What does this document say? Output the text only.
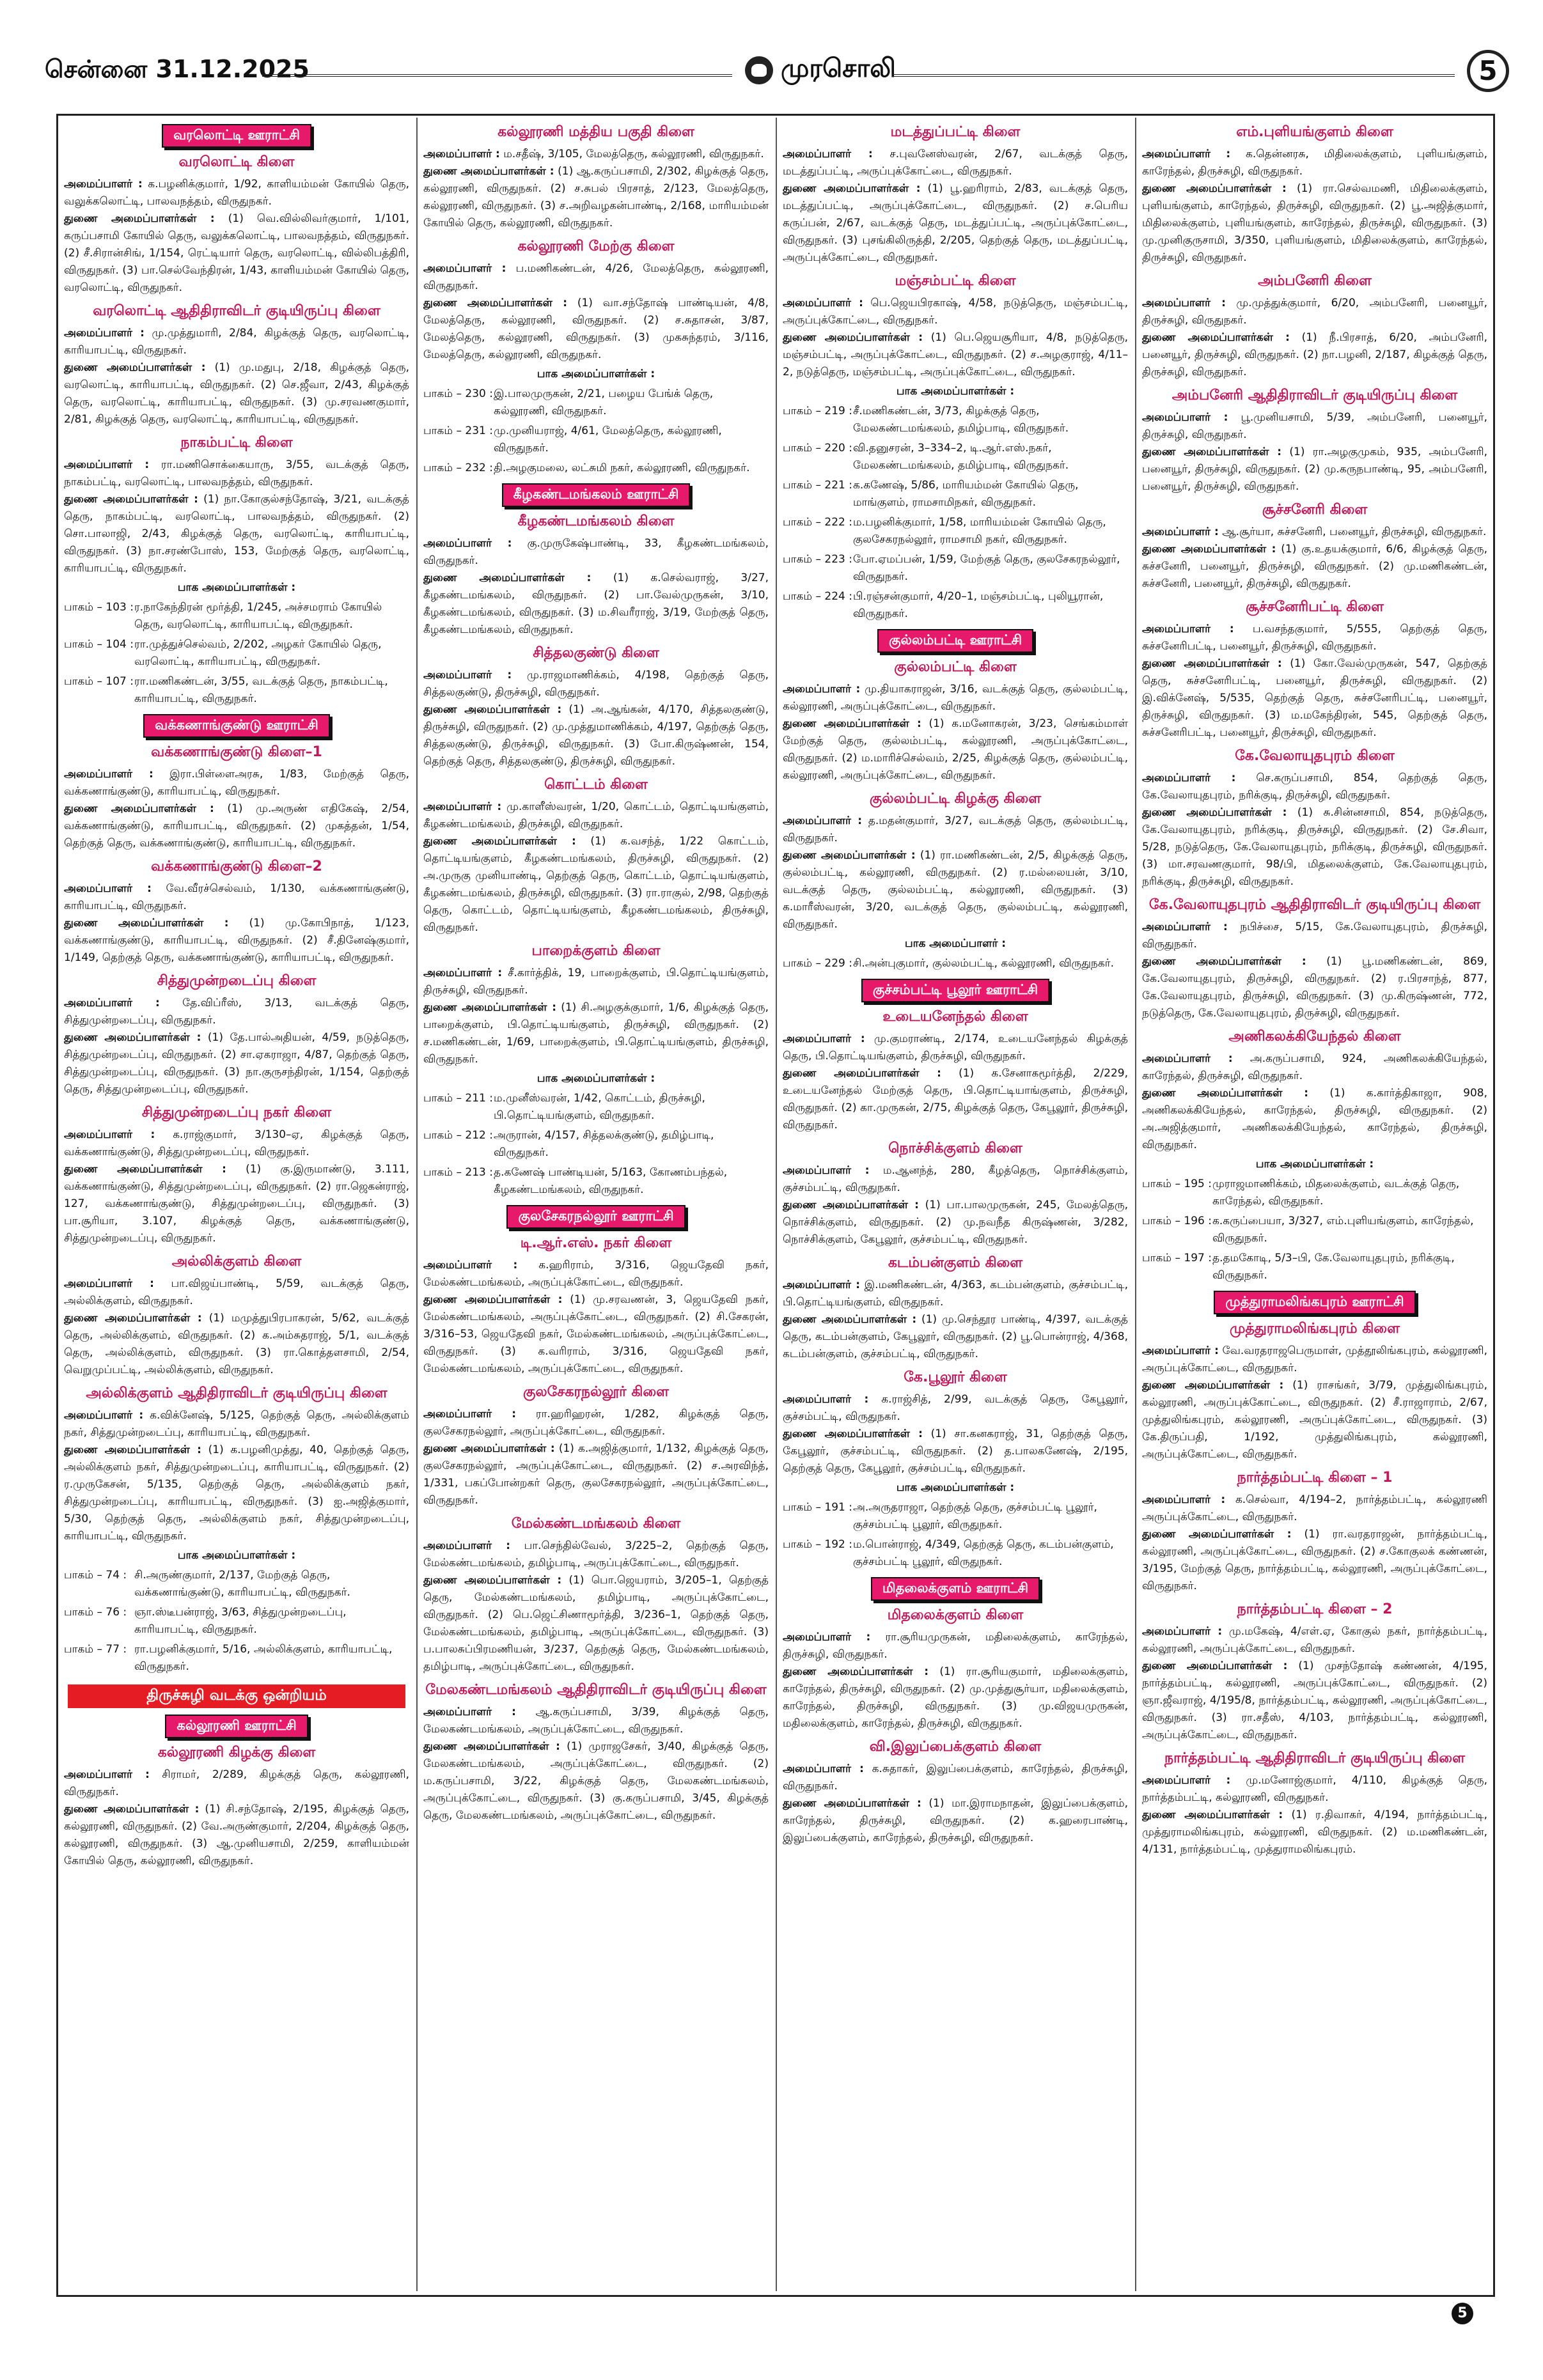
சென்னை 31.12.2025	முரசொலி	5
வரலொட்டி ஊராட்சி
வரலொட்டி கிளை

அமைப்பாளர் : க.பழனிக்குமார், 1/92, காளியம்மன் கோயில் தெரு, வலுக்கலொட்டி, பாலவநத்தம், விருதுநகர்.

துணை அமைப்பாளர்கள் : (1) வெ.வில்லிவர்குமார், 1/101, கருப்பசாமி கோயில் தெரு, வலுக்கலொட்டி, பாலவநத்தம், விருதுநகர். (2) சீ.சிரான்சிங், 1/154, ரெட்டியார் தெரு, வரலொட்டி, வில்லிபத்திரி, விருதுநகர். (3) பா.செல்வேந்திரன், 1/43, காளியம்மன் கோயில் தெரு, வரலொட்டி, விருதுநகர்.

வரலொட்டி ஆதிதிராவிடர் குடியிருப்பு கிளை

அமைப்பாளர் : மு.முத்துமாரி, 2/84, கிழக்குத் தெரு, வரலொட்டி, காரியாபட்டி, விருதுநகர்.

துணை அமைப்பாளர்கள் : (1) மு.மதுபு, 2/18, கிழக்குத் தெரு, வரலொட்டி, காரியாபட்டி, விருதுநகர். (2) செ.ஜீவா, 2/43, கிழக்குத் தெரு, வரலொட்டி, காரியாபட்டி, விருதுநகர். (3) மு.சரவணகுமார், 2/81, கிழக்குத் தெரு, வரலொட்டி, காரியாபட்டி, விருதுநகர்.

நாகம்பட்டி கிளை

அமைப்பாளர் : ரா.மணிசொக்கையாரு, 3/55, வடக்குத் தெரு, நாகம்பட்டி, வரலொட்டி, பாலவநத்தம், விருதுநகர்.

துணை அமைப்பாளர்கள் : (1) நா.கோகுல்சந்தோஷ், 3/21, வடக்குத் தெரு, நாகம்பட்டி, வரலொட்டி, பாலவநத்தம், விருதுநகர். (2) சொ.பாலாஜி, 2/43, கிழக்குத் தெரு, வரலொட்டி, காரியாபட்டி, விருதுநகர். (3) நா.சரண்போஸ், 153, மேற்குத் தெரு, வரலொட்டி, காரியாபட்டி, விருதுநகர்.

பாக அமைப்பாளர்கள் :
பாகம் – 103 : ர.நாகேந்திரன் மூர்த்தி, 1/245, அச்சமராம் கோயில் தெரு, வரலொட்டி, காரியாபட்டி, விருதுநகர்.
பாகம் – 104 : ரா.முத்துச்செல்வம், 2/202, அழகர் கோயில் தெரு, வரலொட்டி, காரியாபட்டி, விருதுநகர்.
பாகம் – 107 : ரா.மணிகண்டன், 3/55, வடக்குத் தெரு, நாகம்பட்டி, காரியாபட்டி, விருதுநகர்.
வக்கணாங்குண்டு ஊராட்சி
வக்கணாங்குண்டு கிளை–1

அமைப்பாளர் : இரா.பிள்ளைஅரசு, 1/83, மேற்குத் தெரு, வக்கணாங்குண்டு, காரியாபட்டி, விருதுநகர்.

துணை அமைப்பாளர்கள் : (1) மு.அருண் எதிகேஷ், 2/54, வக்கணாங்குண்டு, காரியாபட்டி, விருதுநகர். (2) முகத்தன், 1/54, தெற்குத் தெரு, வக்கணாங்குண்டு, காரியாபட்டி, விருதுநகர்.

வக்கணாங்குண்டு கிளை–2

அமைப்பாளர் : வே.வீரச்செல்வம், 1/130, வக்கணாங்குண்டு, காரியாபட்டி, விருதுநகர்.

துணை அமைப்பாளர்கள் : (1) மு.கோபிநாத், 1/123, வக்கணாங்குண்டு, காரியாபட்டி, விருதுநகர். (2) சீ.தினேஷ்குமார், 1/149, தெற்குத் தெரு, வக்கணாங்குண்டு, காரியாபட்டி, விருதுநகர்.

சித்துமுன்றடைப்பு கிளை

அமைப்பாளர் : தே.விப்ரீஸ், 3/13, வடக்குத் தெரு, சித்துமுன்றடைப்பு, விருதுநகர்.

துணை அமைப்பாளர்கள் : (1) தே.பால்அதியன், 4/59, நடுத்தெரு, சித்துமுன்றடைப்பு, விருதுநகர். (2) சா.ஏகராஜா, 4/87, தெற்குத் தெரு, சித்துமுன்றடைப்பு, விருதுநகர். (3) நா.குருசந்திரன், 1/154, தெற்குத் தெரு, சித்துமுன்றடைப்பு, விருதுநகர்.

சித்துமுன்றடைப்பு நகர் கிளை

அமைப்பாளர் : க.ராஜ்குமார், 3/130–ஏ, கிழக்குத் தெரு, வக்கணாங்குண்டு, சித்துமுன்றடைப்பு, விருதுநகர்.

துணை அமைப்பாளர்கள் : (1) கு.இருமாண்டு, 3.111, வக்கணாங்குண்டு, சித்துமுன்றடைப்பு, விருதுநகர். (2) ரா.ஜெகன்ராஜ், 127, வக்கணாங்குண்டு, சித்துமுன்றடைப்பு, விருதுநகர். (3) பா.சூரியா, 3.107, கிழக்குத் தெரு, வக்கணாங்குண்டு, சித்துமுன்றடைப்பு, விருதுநகர்.

அல்லிக்குளம் கிளை

அமைப்பாளர் : பா.விஜய்பாண்டி, 5/59, வடக்குத் தெரு, அல்லிக்குளம், விருதுநகர்.

துணை அமைப்பாளர்கள் : (1) மமுத்துபிரபாகரன், 5/62, வடக்குத் தெரு, அல்லிக்குளம், விருதுநகர். (2) க.அம்சுதராஜ், 5/1, வடக்குத் தெரு, அல்லிக்குளம், விருதுநகர். (3) ரா.கொத்தளசாமி, 2/54, வெறுமுப்பட்டி, அல்லிக்குளம், விருதுநகர்.

அல்லிக்குளம் ஆதிதிராவிடர் குடியிருப்பு கிளை

அமைப்பாளர் : க.விக்னேஷ், 5/125, தெற்குத் தெரு, அல்லிக்குளம் நகர், சித்துமுன்றடைப்பு, காரியாபட்டி, விருதுநகர்.

துணை அமைப்பாளர்கள் : (1) க.பழனிமுத்து, 40, தெற்குத் தெரு, அல்லிக்குளம் நகர், சித்துமுன்றடைப்பு, காரியாபட்டி, விருதுநகர். (2) ர.முருகேசன், 5/135, தெற்குத் தெரு, அல்லிக்குளம் நகர், சித்துமுன்றடைப்பு, காரியாபட்டி, விருதுநகர். (3) ஐ.அஜித்குமார், 5/30, தெற்குத் தெரு, அல்லிக்குளம் நகர், சித்துமுன்றடைப்பு, காரியாபட்டி, விருதுநகர்.

பாக அமைப்பாளர்கள் :
பாகம் – 74 : சி.அருண்குமார், 2/137, மேற்குத் தெரு, வக்கணாங்குண்டு, காரியாபட்டி, விருதுநகர்.
பாகம் – 76 : ஞா.ஸ்டீபன்ராஜ், 3/63, சித்துமுன்றடைப்பு, காரியாபட்டி, விருதுநகர்.
பாகம் – 77 : ரா.பழனிக்குமார், 5/16, அல்லிக்குளம், காரியாபட்டி, விருதுநகர்.
திருச்சுழி வடக்கு ஒன்றியம்
கல்லூரணி ஊராட்சி
கல்லூரணி கிழக்கு கிளை

அமைப்பாளர் : சிராமர், 2/289, கிழக்குத் தெரு, கல்லூரணி, விருதுநகர்.

துணை அமைப்பாளர்கள் : (1) சி.சந்தோஷ், 2/195, கிழக்குத் தெரு, கல்லூரணி, விருதுநகர். (2) வே.அருண்குமார், 2/204, கிழக்குத் தெரு, கல்லூரணி, விருதுநகர். (3) ஆ.முனியசாமி, 2/259, காளியம்மன் கோயில் தெரு, கல்லூரணி, விருதுநகர்.

கல்லூரணி மத்திய பகுதி கிளை

அமைப்பாளர் : ம.சதீஷ், 3/105, மேலத்தெரு, கல்லூரணி, விருதுநகர்.

துணை அமைப்பாளர்கள் : (1) ஆ.கருப்பசாமி, 2/302, கிழக்குத் தெரு, கல்லூரணி, விருதுநகர். (2) ச.சுபல் பிரசாத், 2/123, மேலத்தெரு, கல்லூரணி, விருதுநகர். (3) ச.அறிவழகன்பாண்டி, 2/168, மாரியம்மன் கோயில் தெரு, கல்லூரணி, விருதுநகர்.

கல்லூரணி மேற்கு கிளை

அமைப்பாளர் : ப.மணிகண்டன், 4/26, மேலத்தெரு, கல்லூரணி, விருதுநகர்.

துணை அமைப்பாளர்கள் : (1) வா.சந்தோஷ் பாண்டியன், 4/8, மேலத்தெரு, கல்லூரணி, விருதுநகர். (2) ச.சுதாசன், 3/87, மேலத்தெரு, கல்லூரணி, விருதுநகர். (3) முகசுந்தரம், 3/116, மேலத்தெரு, கல்லூரணி, விருதுநகர்.

பாக அமைப்பாளர்கள் :
பாகம் – 230 : இ.பாலமுருகன், 2/21, பழைய பேங்க் தெரு, கல்லூரணி, விருதுநகர்.
பாகம் – 231 : மு.முனியராஜ், 4/61, மேலத்தெரு, கல்லூரணி, விருதுநகர்.
பாகம் – 232 : தி.அழகுமலை, லட்சுமி நகர், கல்லூரணி, விருதுநகர்.
கீழகண்டமங்கலம் ஊராட்சி
கீழகண்டமங்கலம் கிளை

அமைப்பாளர் : கு.முருகேஷ்பாண்டி, 33, கீழகண்டமங்கலம், விருதுநகர்.

துணை அமைப்பாளர்கள் : (1) க.செல்வராஜ், 3/27, கீழகண்டமங்கலம், விருதுநகர். (2) பா.வேல்முருகன், 3/10, கீழகண்டமங்கலம், விருதுநகர். (3) ம.சிவரீராஜ், 3/19, மேற்குத் தெரு, கீழகண்டமங்கலம், விருதுநகர்.

சித்தலகுண்டு கிளை

அமைப்பாளர் : மு.ராஜமாணிக்கம், 4/198, தெற்குத் தெரு, சித்தலகுண்டு, திருச்சுழி, விருதுநகர்.

துணை அமைப்பாளர்கள் : (1) அ.ஆங்கன், 4/170, சித்தலகுண்டு, திருச்சுழி, விருதுநகர். (2) மு.முத்துமாணிக்கம், 4/197, தெற்குத் தெரு, சித்தலகுண்டு, திருச்சுழி, விருதுநகர். (3) போ.கிருஷ்ணன், 154, தெற்குத் தெரு, சித்தலகுண்டு, திருச்சுழி, விருதுநகர்.

கொட்டம் கிளை

அமைப்பாளர் : மு.காளீஸ்வரன், 1/20, கொட்டம், தொட்டியங்குளம், கீழகண்டமங்கலம், திருச்சுழி, விருதுநகர்.

துணை அமைப்பாளர்கள் : (1) க.வசந்த், 1/22 கொட்டம், தொட்டியங்குளம், கீழகண்டமங்கலம், திருச்சுழி, விருதுநகர். (2) அ.முருகு முனியாண்டி, தெற்குத் தெரு, கொட்டம், தொட்டியங்குளம், கீழகண்டமங்கலம், திருச்சுழி, விருதுநகர். (3) ரா.ராகுல், 2/98, தெற்குத் தெரு, கொட்டம், தொட்டியங்குளம், கீழகண்டமங்கலம், திருச்சுழி, விருதுநகர்.

பாறைக்குளம் கிளை

அமைப்பாளர் : சீ.கார்த்திக், 19, பாறைக்குளம், பி.தொட்டியங்குளம், திருச்சுழி, விருதுநகர்.

துணை அமைப்பாளர்கள் : (1) சி.அழகுக்குமார், 1/6, கிழக்குத் தெரு, பாறைக்குளம், பி.தொட்டியங்குளம், திருச்சுழி, விருதுநகர். (2) ச.மணிகண்டன், 1/69, பாறைக்குளம், பி.தொட்டியங்குளம், திருச்சுழி, விருதுநகர்.

பாக அமைப்பாளர்கள் :
பாகம் – 211 : ம.முனீஸ்வரன், 1/42, கொட்டம், திருச்சுழி, பி.தொட்டியங்குளம், விருதுநகர்.
பாகம் – 212 : அருரான், 4/157, சித்தலக்குண்டு, தமிழ்பாடி, விருதுநகர்.
பாகம் – 213 : த.கணேஷ் பாண்டியன், 5/163, கோணம்பந்தல், கீழகண்டமங்கலம், விருதுநகர்.
குலசேகரநல்லூர் ஊராட்சி
டி.ஆர்.எஸ். நகர் கிளை

அமைப்பாளர் : க.ஹரிராம், 3/316, ஜெயதேவி நகர், மேல்கண்டமங்கலம், அருப்புக்கோட்டை, விருதுநகர்.

துணை அமைப்பாளர்கள் : (1) மு.சரவணன், 3, ஜெயதேவி நகர், மேல்கண்டமங்கலம், அருப்புக்கோட்டை, விருதுநகர். (2) சி.சேகரன், 3/316–53, ஜெயதேவி நகர், மேல்கண்டமங்கலம், அருப்புக்கோட்டை, விருதுநகர். (3) க.வரிராம், 3/316, ஜெயதேவி நகர், மேல்கண்டமங்கலம், அருப்புக்கோட்டை, விருதுநகர்.

குலசேகரநல்லூர் கிளை

அமைப்பாளர் : ரா.ஹரிஹரன், 1/282, கிழக்குத் தெரு, குலசேகரநல்லூர், அருப்புக்கோட்டை, விருதுநகர்.

துணை அமைப்பாளர்கள் : (1) க.அஜித்குமார், 1/132, கிழக்குத் தெரு, குலசேகரநல்லூர், அருப்புக்கோட்டை, விருதுநகர். (2) ச.அரவிந்த், 1/331, பகப்போன்றகர் தெரு, குலசேகரநல்லூர், அருப்புக்கோட்டை, விருதுநகர்.

மேல்கண்டமங்கலம் கிளை

அமைப்பாளர் : பா.செந்தில்வேல், 3/225–2, தெற்குத் தெரு, மேல்கண்டமங்கலம், தமிழ்பாடி, அருப்புக்கோட்டை, விருதுநகர்.

துணை அமைப்பாளர்கள் : (1) பொ.ஜெயராம், 3/205–1, தெற்குத் தெரு, மேல்கண்டமங்கலம், தமிழ்பாடி, அருப்புக்கோட்டை, விருதுநகர். (2) பெ.ஜெட்சிணாமூர்த்தி, 3/236–1, தெற்குத் தெரு, மேல்கண்டமங்கலம், தமிழ்பாடி, அருப்புக்கோட்டை, விருதுநகர். (3) ப.பாலசுப்பிரமணியன், 3/237, தெற்குத் தெரு, மேல்கண்டமங்கலம், தமிழ்பாடி, அருப்புக்கோட்டை, விருதுநகர்.

மேலகண்டமங்கலம் ஆதிதிராவிடர் குடியிருப்பு கிளை

அமைப்பாளர் : ஆ.கருப்பசாமி, 3/39, கிழக்குத் தெரு, மேலகண்டமங்கலம், அருப்புக்கோட்டை, விருதுநகர்.

துணை அமைப்பாளர்கள் : (1) முராஜசேகர், 3/40, கிழக்குத் தெரு, மேலகண்டமங்கலம், அருப்புக்கோட்டை, விருதுநகர். (2) ம.கருப்பசாமி, 3/22, கிழக்குத் தெரு, மேலகண்டமங்கலம், அருப்புக்கோட்டை, விருதுநகர். (3) கு.கருப்பசாமி, 3/45, கிழக்குத் தெரு, மேலகண்டமங்கலம், அருப்புக்கோட்டை, விருதுநகர்.

மடத்துப்பட்டி கிளை

அமைப்பாளர் : ச.புவனேஸ்வரன், 2/67, வடக்குத் தெரு, மடத்துப்பட்டி, அருப்புக்கோட்டை, விருதுநகர்.

துணை அமைப்பாளர்கள் : (1) பூ.ஹரிராம், 2/83, வடக்குத் தெரு, மடத்துப்பட்டி, அருப்புக்கோட்டை, விருதுநகர். (2) ச.பெரிய கருப்பன், 2/67, வடக்குத் தெரு, மடத்துப்பட்டி, அருப்புக்கோட்டை, விருதுநகர். (3) புசங்கிலிருத்தி, 2/205, தெற்குத் தெரு, மடத்துப்பட்டி, அருப்புக்கோட்டை, விருதுநகர்.

மஞ்சம்பட்டி கிளை

அமைப்பாளர் : பெ.ஜெயபிரகாஷ், 4/58, நடுத்தெரு, மஞ்சம்பட்டி, அருப்புக்கோட்டை, விருதுநகர்.

துணை அமைப்பாளர்கள் : (1) பெ.ஜெயசூரியா, 4/8, நடுத்தெரு, மஞ்சம்பட்டி, அருப்புக்கோட்டை, விருதுநகர். (2) ச.அழகுராஜ், 4/11–2, நடுத்தெரு, மஞ்சம்பட்டி, அருப்புக்கோட்டை, விருதுநகர்.

பாக அமைப்பாளர்கள் :
பாகம் – 219 : சீ.மணிகண்டன், 3/73, கிழக்குத் தெரு, மேலகண்டமங்கலம், தமிழ்பாடி, விருதுநகர்.
பாகம் – 220 : வி.தனுசரன், 3–334–2, டி.ஆர்.எஸ்.நகர், மேலகண்டமங்கலம், தமிழ்பாடி, விருதுநகர்.
பாகம் – 221 : க.கணேஷ், 5/86, மாரியம்மன் கோயில் தெரு, மாங்குளம், ராமசாமிநகர், விருதுநகர்.
பாகம் – 222 : ம.பழனிக்குமார், 1/58, மாரியம்மன் கோயில் தெரு, குலசேகரநல்லூர், ராமசாமி நகர், விருதுநகர்.
பாகம் – 223 : போ.ஏமப்பன், 1/59, மேற்குத் தெரு, குலசேகரநல்லூர், விருதுநகர்.
பாகம் – 224 : பி.ரஞ்சன்குமார், 4/20–1, மஞ்சம்பட்டி, புலியூரான், விருதுநகர்.
குல்லம்பட்டி ஊராட்சி
குல்லம்பட்டி கிளை

அமைப்பாளர் : மு.தியாகராஜன், 3/16, வடக்குத் தெரு, குல்லம்பட்டி, கல்லூரணி, அருப்புக்கோட்டை, விருதுநகர்.

துணை அமைப்பாளர்கள் : (1) க.மனோகரன், 3/23, செங்கம்மாள் மேற்குத் தெரு, குல்லம்பட்டி, கல்லூரணி, அருப்புக்கோட்டை, விருதுநகர். (2) ம.மாரிச்செல்வம், 2/25, கிழக்குத் தெரு, குல்லம்பட்டி, கல்லூரணி, அருப்புக்கோட்டை, விருதுநகர்.

குல்லம்பட்டி கிழக்கு கிளை

அமைப்பாளர் : த.மதன்குமார், 3/27, வடக்குத் தெரு, குல்லம்பட்டி, விருதுநகர்.

துணை அமைப்பாளர்கள் : (1) ரா.மணிகண்டன், 2/5, கிழக்குத் தெரு, குல்லம்பட்டி, கல்லூரணி, விருதுநகர். (2) ர.மல்லையன், 3/10, வடக்குத் தெரு, குல்லம்பட்டி, கல்லூரணி, விருதுநகர். (3) க.மாரீஸ்வரன், 3/20, வடக்குத் தெரு, குல்லம்பட்டி, கல்லூரணி, விருதுநகர்.

பாக அமைப்பாளர் :
பாகம் – 229 : சி.அன்புகுமார், குல்லம்பட்டி, கல்லூரணி, விருதுநகர்.
குச்சம்பட்டி பூலூர் ஊராட்சி
உடையனேந்தல் கிளை

அமைப்பாளர் : மு.குமராண்டி, 2/174, உடையனேந்தல் கிழக்குத் தெரு, பி.தொட்டியங்குளம், திருச்சுழி, விருதுநகர்.

துணை அமைப்பாளர்கள் : (1) க.சேனாகமூர்த்தி, 2/229, உடையனேந்தல் மேற்குத் தெரு, பி.தொட்டியாங்குளம், திருச்சுழி, விருதுநகர். (2) கா.முருகன், 2/75, கிழக்குத் தெரு, கேபூலூர், திருச்சுழி, விருதுநகர்.

நொச்சிக்குளம் கிளை

அமைப்பாளர் : ம.ஆனந்த், 280, கீழத்தெரு, நொச்சிக்குளம், குச்சம்பட்டி, விருதுநகர்.

துணை அமைப்பாளர்கள் : (1) பா.பாலமுருகன், 245, மேலத்தெரு, நொச்சிக்குளம், விருதுநகர். (2) மு.நவநீத கிருஷ்ணன், 3/282, நொச்சிக்குளம், கேபூலூர், குச்சம்பட்டி, விருதுநகர்.

கடம்பன்குளம் கிளை

அமைப்பாளர் : இ.மணிகண்டன், 4/363, கடம்பன்குளம், குச்சம்பட்டி, பி.தொட்டியங்குளம், விருதுநகர்.

துணை அமைப்பாளர்கள் : (1) மு.செந்தூர பாண்டி, 4/397, வடக்குத் தெரு, கடம்பன்குளம், கேபூலூர், விருதுநகர். (2) பூ.பொன்ராஜ், 4/368, கடம்பன்குளம், குச்சம்பட்டி, விருதுநகர்.

கே.பூலூர் கிளை

அமைப்பாளர் : க.ராஜ்சித், 2/99, வடக்குத் தெரு, கேபூலூர், குச்சம்பட்டி, விருதுநகர்.

துணை அமைப்பாளர்கள் : (1) சா.கனகராஜ், 31, தெற்குத் தெரு, கேபூலூர், குச்சம்பட்டி, விருதுநகர். (2) த.பாலகணேஷ், 2/195, தெற்குத் தெரு, கேபூலூர், குச்சம்பட்டி, விருதுநகர்.

பாக அமைப்பாளர்கள் :
பாகம் – 191 : அ.அருதராஜா, தெற்குத் தெரு, குச்சம்பட்டி பூலூர், குச்சம்பட்டி பூலூர், விருதுநகர்.
பாகம் – 192 : ம.பொன்ராஜ், 4/349, தெற்குத் தெரு, கடம்பன்குளம், குச்சம்பட்டி பூலூர், விருதுநகர்.
மிதலைக்குளம் ஊராட்சி
மிதலைக்குளம் கிளை

அமைப்பாளர் : ரா.சூரியமுருகன், மதிலைக்குளம், காரேந்தல், திருச்சுழி, விருதுநகர்.

துணை அமைப்பாளர்கள் : (1) ரா.சூரியகுமார், மதிலைக்குளம், காரேந்தல், திருச்சுழி, விருதுநகர். (2) மு.முத்துசூர்யா, மதிலைக்குளம், காரேந்தல், திருச்சுழி, விருதுநகர். (3) மு.விஜயமுருகன், மதிலைக்குளம், காரேந்தல், திருச்சுழி, விருதுநகர்.

வி.இலுப்பைக்குளம் கிளை

அமைப்பாளர் : க.சுதாகர், இலுப்பைக்குளம், காரேந்தல், திருச்சுழி, விருதுநகர்.

துணை அமைப்பாளர்கள் : (1) மா.இராமநாதன், இலுப்பைக்குளம், காரேந்தல், திருச்சுழி, விருதுநகர். (2) க.ஹரைபாண்டி, இலுப்பைக்குளம், காரேந்தல், திருச்சுழி, விருதுநகர்.

எம்.புளியங்குளம் கிளை

அமைப்பாளர் : க.தென்னரசு, மிதிலைக்குளம், புளியங்குளம், காரேந்தல், திருச்சுழி, விருதுநகர்.

துணை அமைப்பாளர்கள் : (1) ரா.செல்வமணி, மிதிலைக்குளம், புளியங்குளம், காரேந்தல், திருச்சுழி, விருதுநகர். (2) பூ.அஜித்குமார், மிதிலைக்குளம், புளியங்குளம், காரேந்தல், திருச்சுழி, விருதுநகர். (3) மு.முனிகுருசாமி, 3/350, புளியங்குளம், மிதிலைக்குளம், காரேந்தல், திருச்சுழி, விருதுநகர்.

அம்பனேரி கிளை

அமைப்பாளர் : மு.முத்துக்குமார், 6/20, அம்பனேரி, பனையூர், திருச்சுழி, விருதுநகர்.

துணை அமைப்பாளர்கள் : (1) நீ.பிரசாத், 6/20, அம்பனேரி, பனையூர், திருச்சுழி, விருதுநகர். (2) நா.பழனி, 2/187, கிழக்குத் தெரு, திருச்சுழி, விருதுநகர்.

அம்பனேரி ஆதிதிராவிடர் குடியிருப்பு கிளை

அமைப்பாளர் : பூ.முனியசாமி, 5/39, அம்பனேரி, பனையூர், திருச்சுழி, விருதுநகர்.

துணை அமைப்பாளர்கள் : (1) ரா.அழகுமுகம், 935, அம்பனேரி, பனையூர், திருச்சுழி, விருதுநகர். (2) மு.கருநபாண்டி, 95, அம்பனேரி, பனையூர், திருச்சுழி, விருதுநகர்.

சூச்சனேரி கிளை

அமைப்பாளர் : ஆ.சூர்யா, சுச்சனேரி, பனையூர், திருச்சுழி, விருதுநகர்.

துணை அமைப்பாளர்கள் : (1) கு.உதயக்குமார், 6/6, கிழக்குத் தெரு, சுச்சனேரி, பனையூர், திருச்சுழி, விருதுநகர். (2) மு.மணிகண்டன், சுச்சனேரி, பனையூர், திருச்சுழி, விருதுநகர்.

சூச்சனேரிபட்டி கிளை

அமைப்பாளர் : ப.வசந்தகுமார், 5/555, தெற்குத் தெரு, சுச்சனேரிபட்டி, பனையூர், திருச்சுழி, விருதுநகர்.

துணை அமைப்பாளர்கள் : (1) கோ.வேல்முருகன், 547, தெற்குத் தெரு, சுச்சனேரிபட்டி, பனையூர், திருச்சுழி, விருதுநகர். (2) இ.விக்னேஷ், 5/535, தெற்குத் தெரு, சுச்சனேரிபட்டி, பனையூர், திருச்சுழி, விருதுநகர். (3) ம.மகேந்திரன், 545, தெற்குத் தெரு, சுச்சனேரிபட்டி, பனையூர், திருச்சுழி, விருதுநகர்.

கே.வேலாயுதபுரம் கிளை

அமைப்பாளர் : செ.கருப்பசாமி, 854, தெற்குத் தெரு, கே.வேலாயுதபுரம், நரிக்குடி, திருச்சுழி, விருதுநகர்.

துணை அமைப்பாளர்கள் : (1) சு.சின்னசாமி, 854, நடுத்தெரு, கே.வேலாயுதபுரம், நரிக்குடி, திருச்சுழி, விருதுநகர். (2) சே.சிவா, 5/28, நடுத்தெரு, கே.வேலாயுதபுரம், நரிக்குடி, திருச்சுழி, விருதுநகர். (3) மா.சரவணகுமார், 98/பி, மிதலைக்குளம், கே.வேலாயுதபுரம், நரிக்குடி, திருச்சுழி, விருதுநகர்.

கே.வேலாயுதபுரம் ஆதிதிராவிடர் குடியிருப்பு கிளை

அமைப்பாளர் : நபிச்சை, 5/15, கே.வேலாயுதபுரம், திருச்சுழி, விருதுநகர்.

துணை அமைப்பாளர்கள் : (1) பூ.மணிகண்டன், 869, கே.வேலாயுதபுரம், திருச்சுழி, விருதுநகர். (2) ர.பிரசாந்த், 877, கே.வேலாயுதபுரம், திருச்சுழி, விருதுநகர். (3) மு.கிருஷ்ணன், 772, நடுத்தெரு, கே.வேலாயுதபுரம், திருச்சுழி, விருதுநகர்.

அணிகலக்கியேந்தல் கிளை

அமைப்பாளர் : அ.கருப்பசாமி, 924, அணிகலக்கியேந்தல், காரேந்தல், திருச்சுழி, விருதுநகர்.

துணை அமைப்பாளர்கள் : (1) க.கார்த்திகாஜா, 908, அணிகலக்கியேந்தல், காரேந்தல், திருச்சுழி, விருதுநகர். (2) அ.அஜித்குமார், அணிகலக்கியேந்தல், காரேந்தல், திருச்சுழி, விருதுநகர்.

பாக அமைப்பாளர்கள் :
பாகம் – 195 : முராஜமாணிக்கம், மிதலைக்குளம், வடக்குத் தெரு, காரேந்தல், விருதுநகர்.
பாகம் – 196 : க.கருப்பையா, 3/327, எம்.புளியங்குளம், காரேந்தல், விருதுநகர்.
பாகம் – 197 : த.தமகோடி, 5/3–பி, கே.வேலாயுதபுரம், நரிக்குடி, விருதுநகர்.
முத்துராமலிங்கபுரம் ஊராட்சி
முத்துராமலிங்கபுரம் கிளை

அமைப்பாளர் : வே.வரதராஜபெருமாள், முத்தூலிங்கபுரம், கல்லூரணி, அருப்புக்கோட்டை, விருதுநகர்.

துணை அமைப்பாளர்கள் : (1) ராசங்கர், 3/79, முத்துலிங்கபுரம், கல்லூரணி, அருப்புக்கோட்டை, விருதுநகர். (2) சீ.ராஜாராம், 2/67, முத்துலிங்கபுரம், கல்லூரணி, அருப்புக்கோட்டை, விருதுநகர். (3) கே.திருப்பதி, 1/192, முத்துலிங்கபுரம், கல்லூரணி, அருப்புக்கோட்டை, விருதுநகர்.

நார்த்தம்பட்டி கிளை – 1

அமைப்பாளர் : க.செல்வா, 4/194–2, நார்த்தம்பட்டி, கல்லூரணி அருப்புக்கோட்டை, விருதுநகர்.

துணை அமைப்பாளர்கள் : (1) ரா.வரதராஜன், நார்த்தம்பட்டி, கல்லூரணி, அருப்புக்கோட்டை, விருதுநகர். (2) ச.கோகுலக் கண்ணன், 3/195, மேற்குத் தெரு, நார்த்தம்பட்டி, கல்லூரணி, அருப்புக்கோட்டை, விருதுநகர்.

நார்த்தம்பட்டி கிளை – 2

அமைப்பாளர் : மு.மகேஷ், 4/எள்.ஏ, கோகுல் நகர், நார்த்தம்பட்டி, கல்லூரணி, அருப்புக்கோட்டை, விருதுநகர்.

துணை அமைப்பாளர்கள் : (1) முசந்தோஷ் கண்ணன், 4/195, நார்த்தம்பட்டி, கல்லூரணி, அருப்புக்கோட்டை, விருதுநகர். (2) ஞா.ஜீவராஜ், 4/195/8, நார்த்தம்பட்டி, கல்லூரணி, அருப்புக்கோட்டை, விருதுநகர். (3) ரா.சதீஸ், 4/103, நார்த்தம்பட்டி, கல்லூரணி, அருப்புக்கோட்டை, விருதுநகர்.

நார்த்தம்பட்டி ஆதிதிராவிடர் குடியிருப்பு கிளை

அமைப்பாளர் : மு.மனோஜ்குமார், 4/110, கிழக்குத் தெரு, நார்த்தம்பட்டி, கல்லூரணி, விருதுநகர்.

துணை அமைப்பாளர்கள் : (1) ர.திவாகர், 4/194, நார்த்தம்பட்டி, முத்துராமலிங்கபுரம், கல்லூரணி, விருதுநகர். (2) ம.மணிகண்டன், 4/131, நார்த்தம்பட்டி, முத்துராமலிங்கபுரம்.

5
